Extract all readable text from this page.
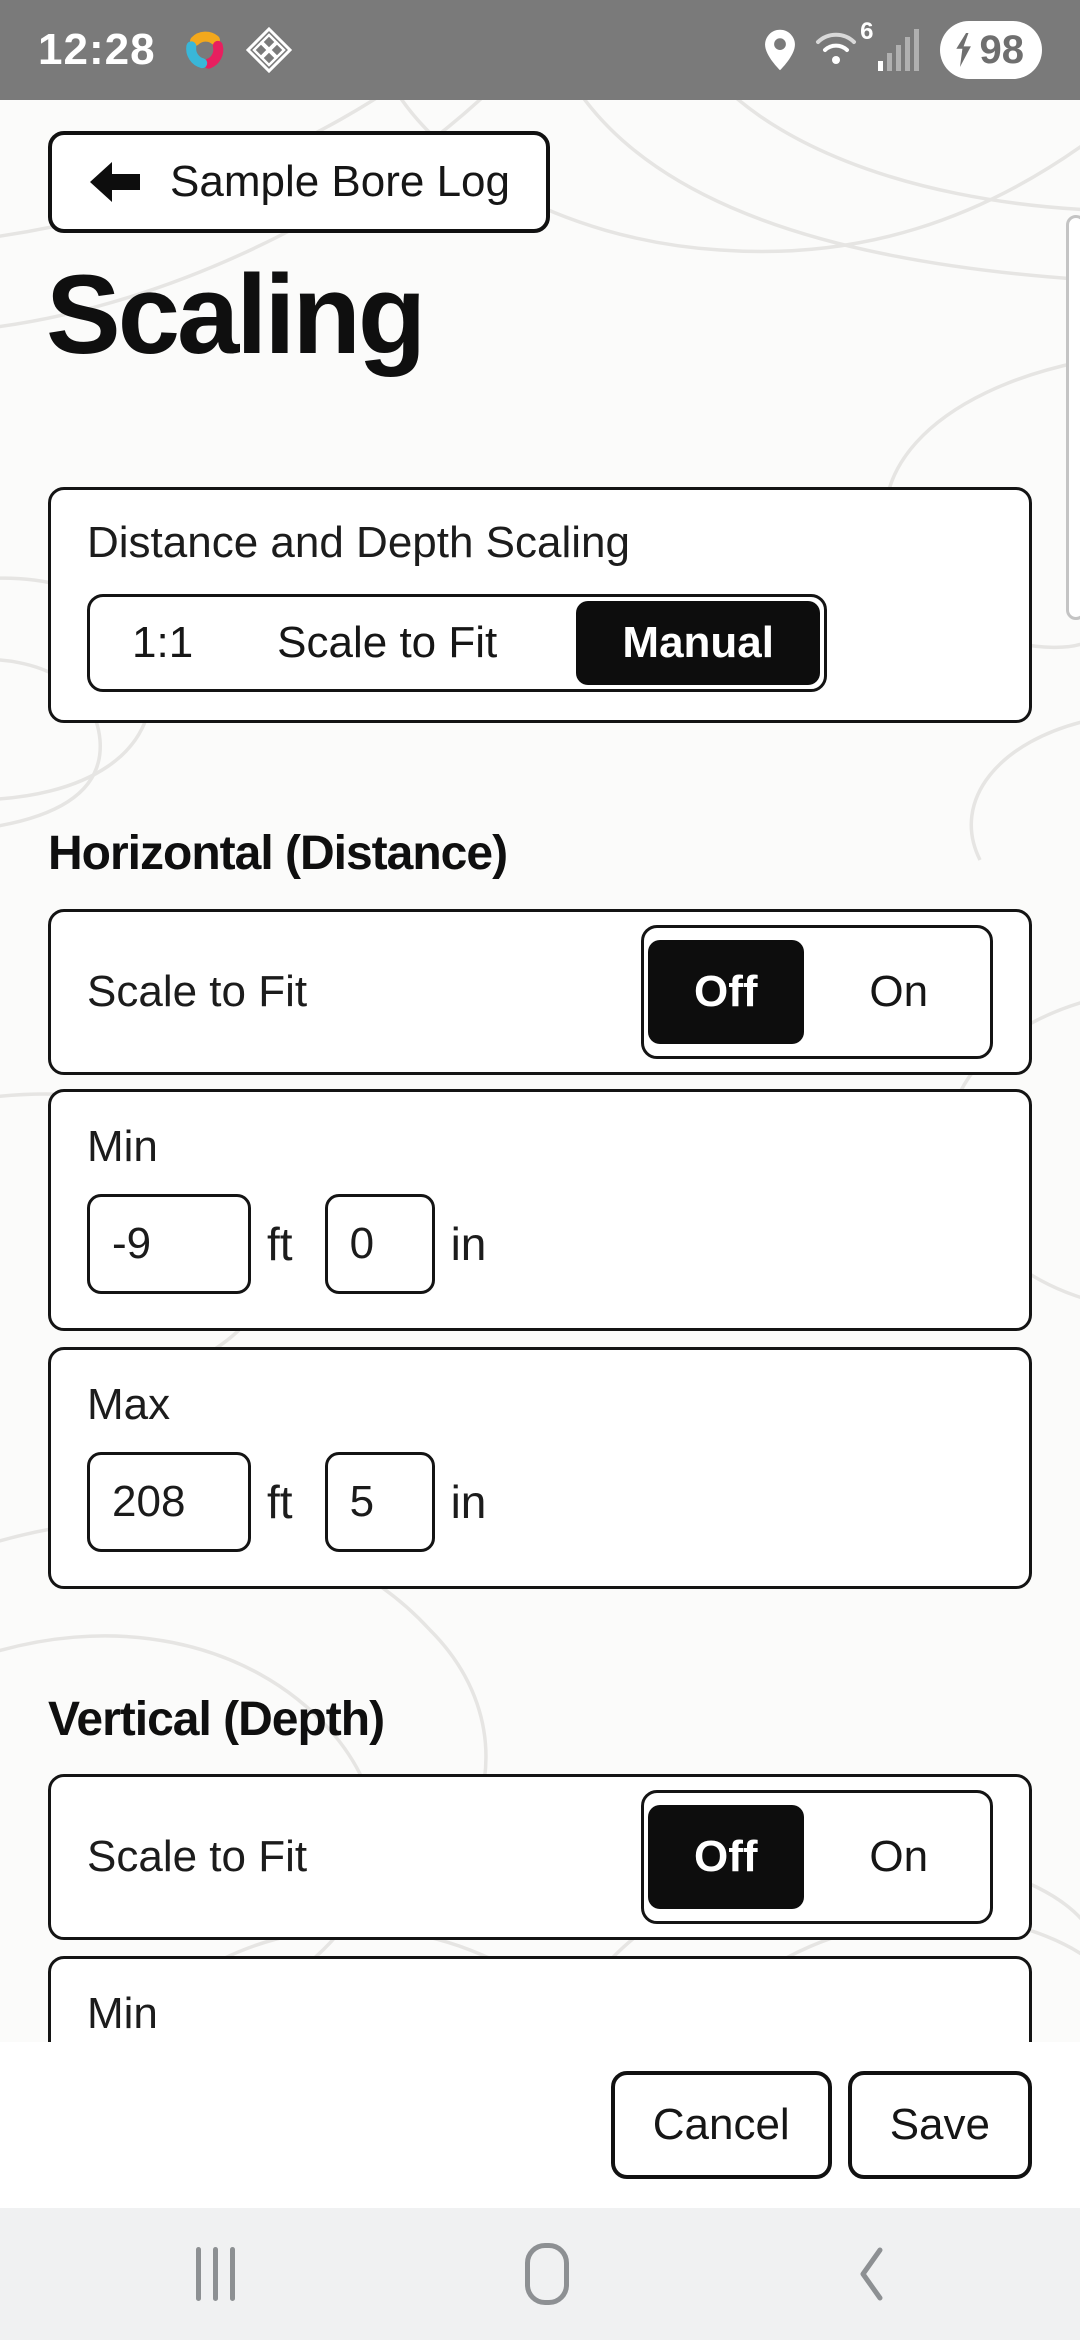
12:28	6	98
Sample Bore Log
Scaling
Distance and Depth Scaling
1:1	Scale to Fit	Manual
Horizontal (Distance)
Scale to Fit	Off	On
Min
-9
ft
0	in
Max
208
ft
5	in
Vertical (Depth)
Scale to Fit	Off	On
Min
Cancel	Save
